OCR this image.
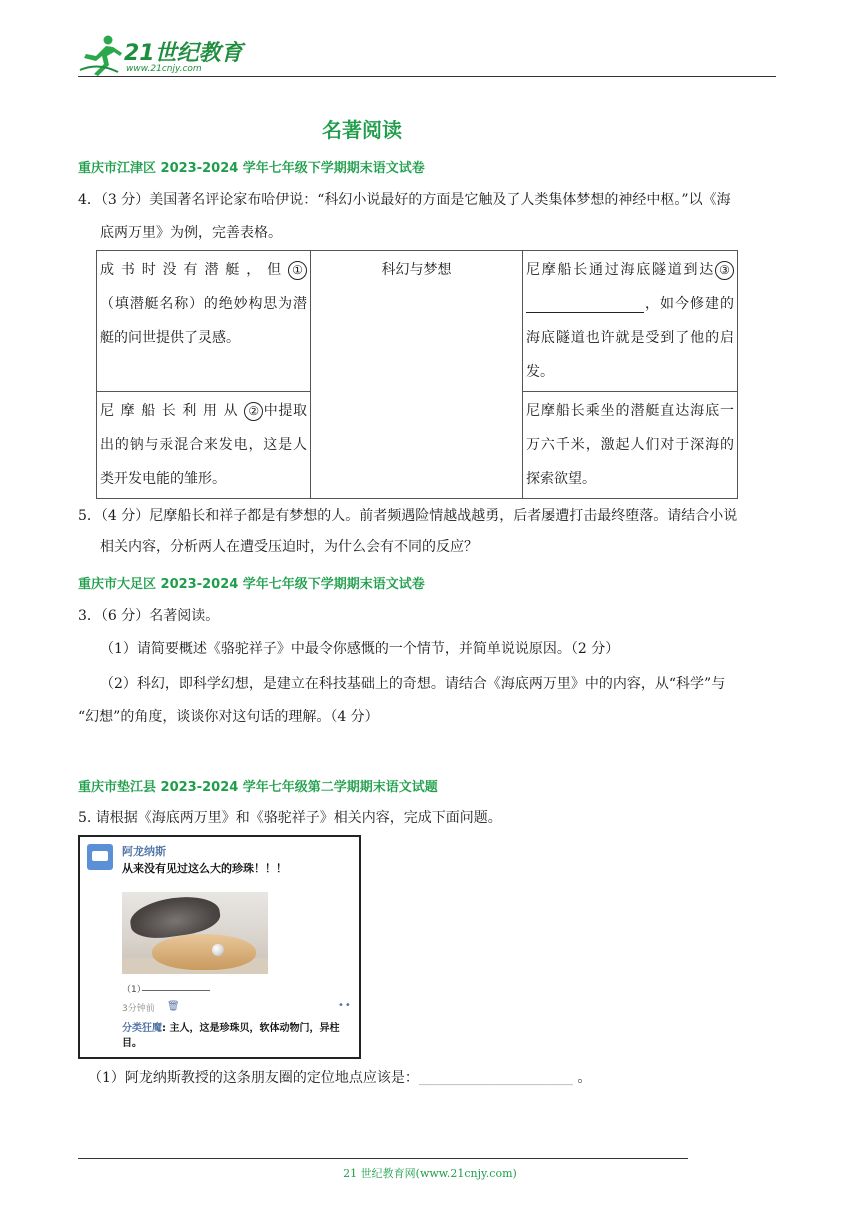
21世纪教育
www.21cnjy.com
名著阅读
重庆市江津区 2023-2024 学年七年级下学期期末语文试卷
4．（3 分）美国著名评论家布哈伊说：“科幻小说最好的方面是它触及了人类集体梦想的神经中枢。”以《海
底两万里》为例，完善表格。
成书时没有潜艇，但 ①（填潜艇名称）的绝妙构思为潜艇的问世提供了灵感。	科幻与梦想	尼摩船长通过海底隧道到达 ③，如今修建的海底隧道也许就是受到了他的启发。
尼摩船长利用从 ② 中提取出的钠与汞混合来发电，这是人类开发电能的雏形。		尼摩船长乘坐的潜艇直达海底一万六千米，激起人们对于深海的探索欲望。
5．（4 分）尼摩船长和祥子都是有梦想的人。前者频遇险情越战越勇，后者屡遭打击最终堕落。请结合小说
相关内容，分析两人在遭受压迫时，为什么会有不同的反应？
重庆市大足区 2023-2024 学年七年级下学期期末语文试卷
3．（6 分）名著阅读。
（1）请简要概述《骆驼祥子》中最令你感慨的一个情节，并简单说说原因。（2 分）
（2）科幻，即科学幻想，是建立在科技基础上的奇想。请结合《海底两万里》中的内容，从“科学”与
“幻想”的角度，谈谈你对这句话的理解。（4 分）
重庆市垫江县 2023-2024 学年七年级第二学期期末语文试题
5. 请根据《海底两万里》和《骆驼祥子》相关内容，完成下面问题。
阿龙纳斯
从来没有见过这么大的珍珠！！！
（1）
3分钟前 🗑	••
分类狂魔: 主人，这是珍珠贝，软体动物门，异柱目。
（1）阿龙纳斯教授的这条朋友圈的定位地点应该是：______________________ 。
21 世纪教育网(www.21cnjy.com)
